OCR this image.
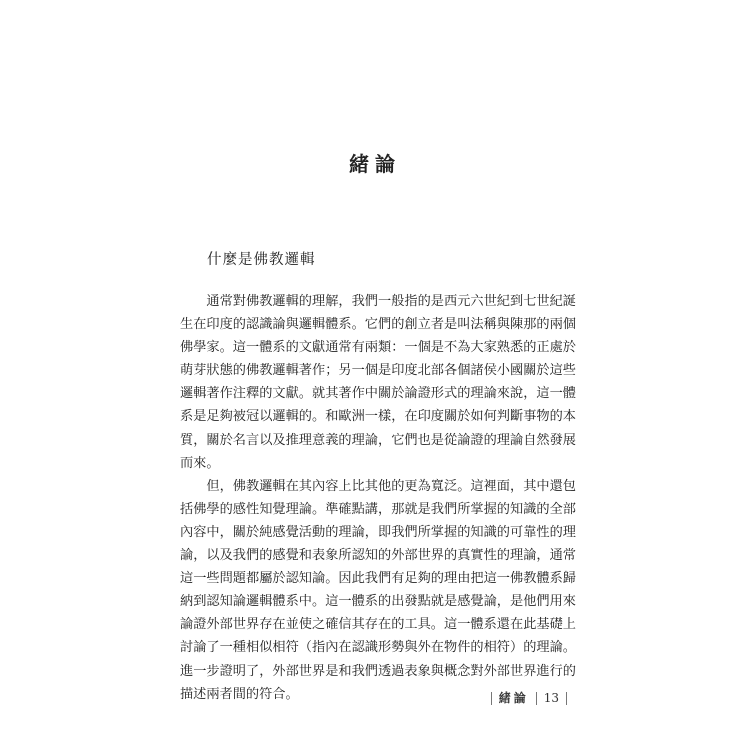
緒論
什麼是佛教邏輯

通常對佛教邏輯的理解，我們一般指的是西元六世紀到七世紀誕生在印度的認識論與邏輯體系。它們的創立者是叫法稱與陳那的兩個佛學家。這一體系的文獻通常有兩類：一個是不為大家熟悉的正處於萌芽狀態的佛教邏輯著作；另一個是印度北部各個諸侯小國關於這些邏輯著作注釋的文獻。就其著作中關於論證形式的理論來說，這一體系是足夠被冠以邏輯的。和歐洲一樣，在印度關於如何判斷事物的本質，關於名言以及推理意義的理論，它們也是從論證的理論自然發展而來。

但，佛教邏輯在其內容上比其他的更為寬泛。這裡面，其中還包括佛學的感性知覺理論。準確點講，那就是我們所掌握的知識的全部內容中，關於純感覺活動的理論，即我們所掌握的知識的可靠性的理論，以及我們的感覺和表象所認知的外部世界的真實性的理論，通常這一些問題都屬於認知論。因此我們有足夠的理由把這一佛教體系歸納到認知論邏輯體系中。這一體系的出發點就是感覺論，是他們用來論證外部世界存在並使之確信其存在的工具。這一體系還在此基礎上討論了一種相似相符（指內在認識形勢與外在物件的相符）的理論。進一步證明了，外部世界是和我們透過表象與概念對外部世界進行的描述兩者間的符合。	緒論 13
